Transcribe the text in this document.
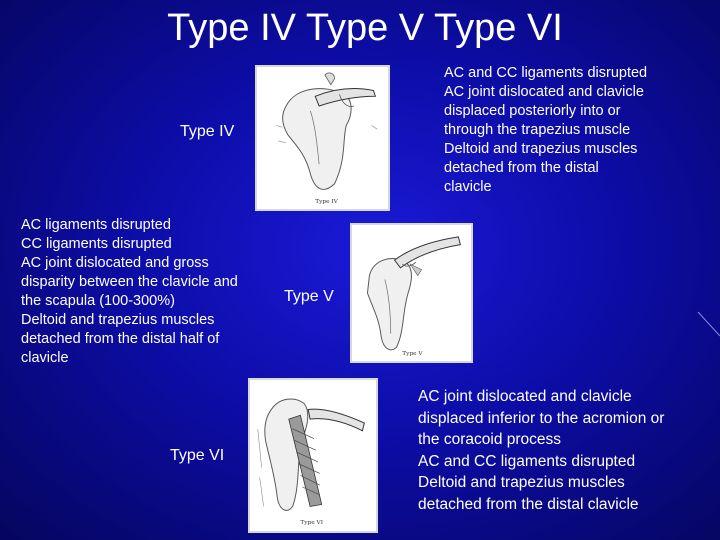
Type IV Type V Type VI
AC and CC ligaments disrupted
AC joint dislocated and clavicle
displaced posteriorly into or
through the trapezius muscle
Deltoid and trapezius muscles
detached from the distal
clavicle
Type IV
Type IV
AC ligaments disrupted
CC ligaments disrupted
AC joint dislocated and gross
disparity between the clavicle and
the scapula (100-300%)
Deltoid and trapezius muscles
detached from the distal half of
clavicle	Type V
Type V
Type VI
Type VI
AC joint dislocated and clavicle
displaced inferior to the acromion or
the coracoid process
AC and CC ligaments disrupted
Deltoid and trapezius muscles
detached from the distal clavicle
